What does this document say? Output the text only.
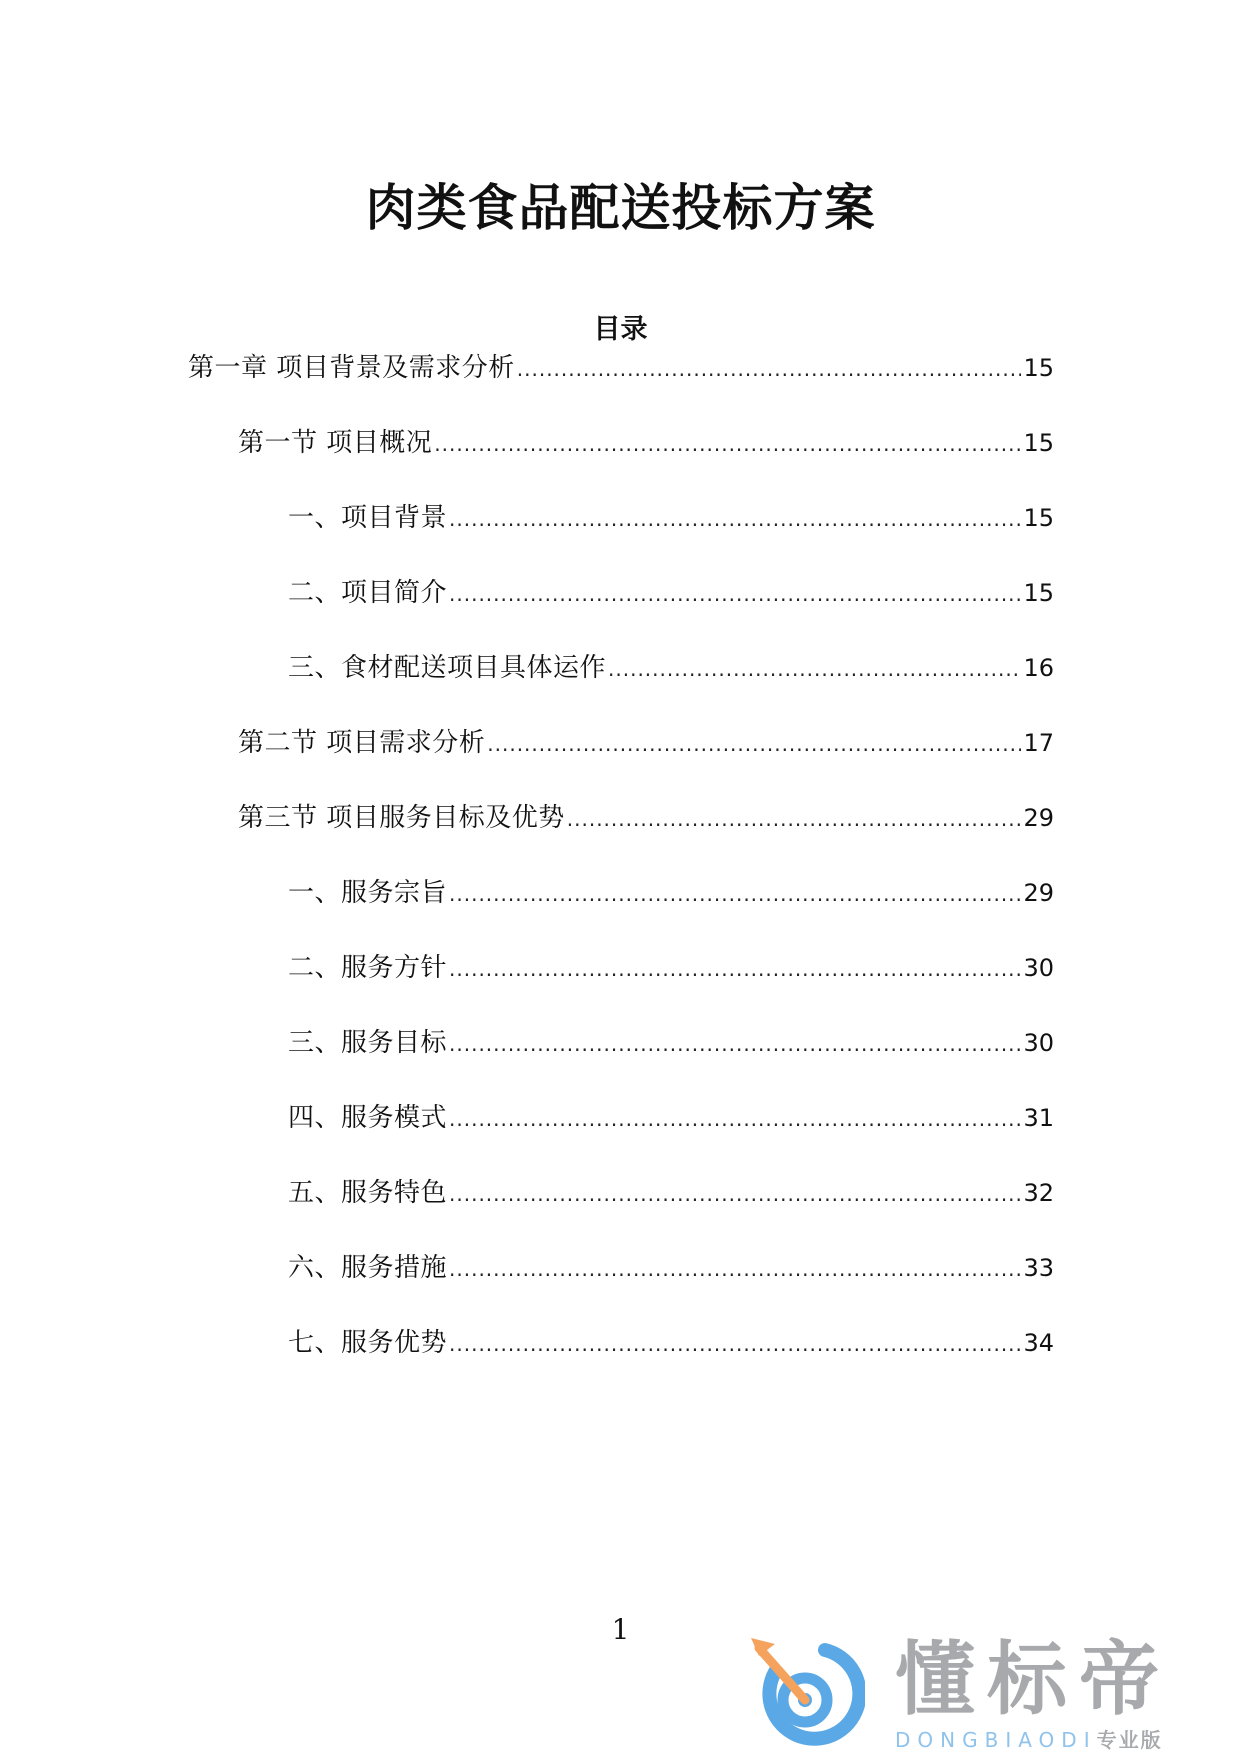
肉类食品配送投标方案
目录
第一章 项目背景及需求分析 .....	15
第一节 项目概况 .....	15
一、项目背景 .....	15
二、项目简介 .....	15
三、食材配送项目具体运作 .....	16
第二节 项目需求分析 .....	17
第三节 项目服务目标及优势 .....	29
一、服务宗旨 .....	29
二、服务方针 .....	30
三、服务目标 .....	30
四、服务模式 .....	31
五、服务特色 .....	32
六、服务措施 .....	33
七、服务优势 .....	34
1
懂标帝
DONGBIAODI专业版
